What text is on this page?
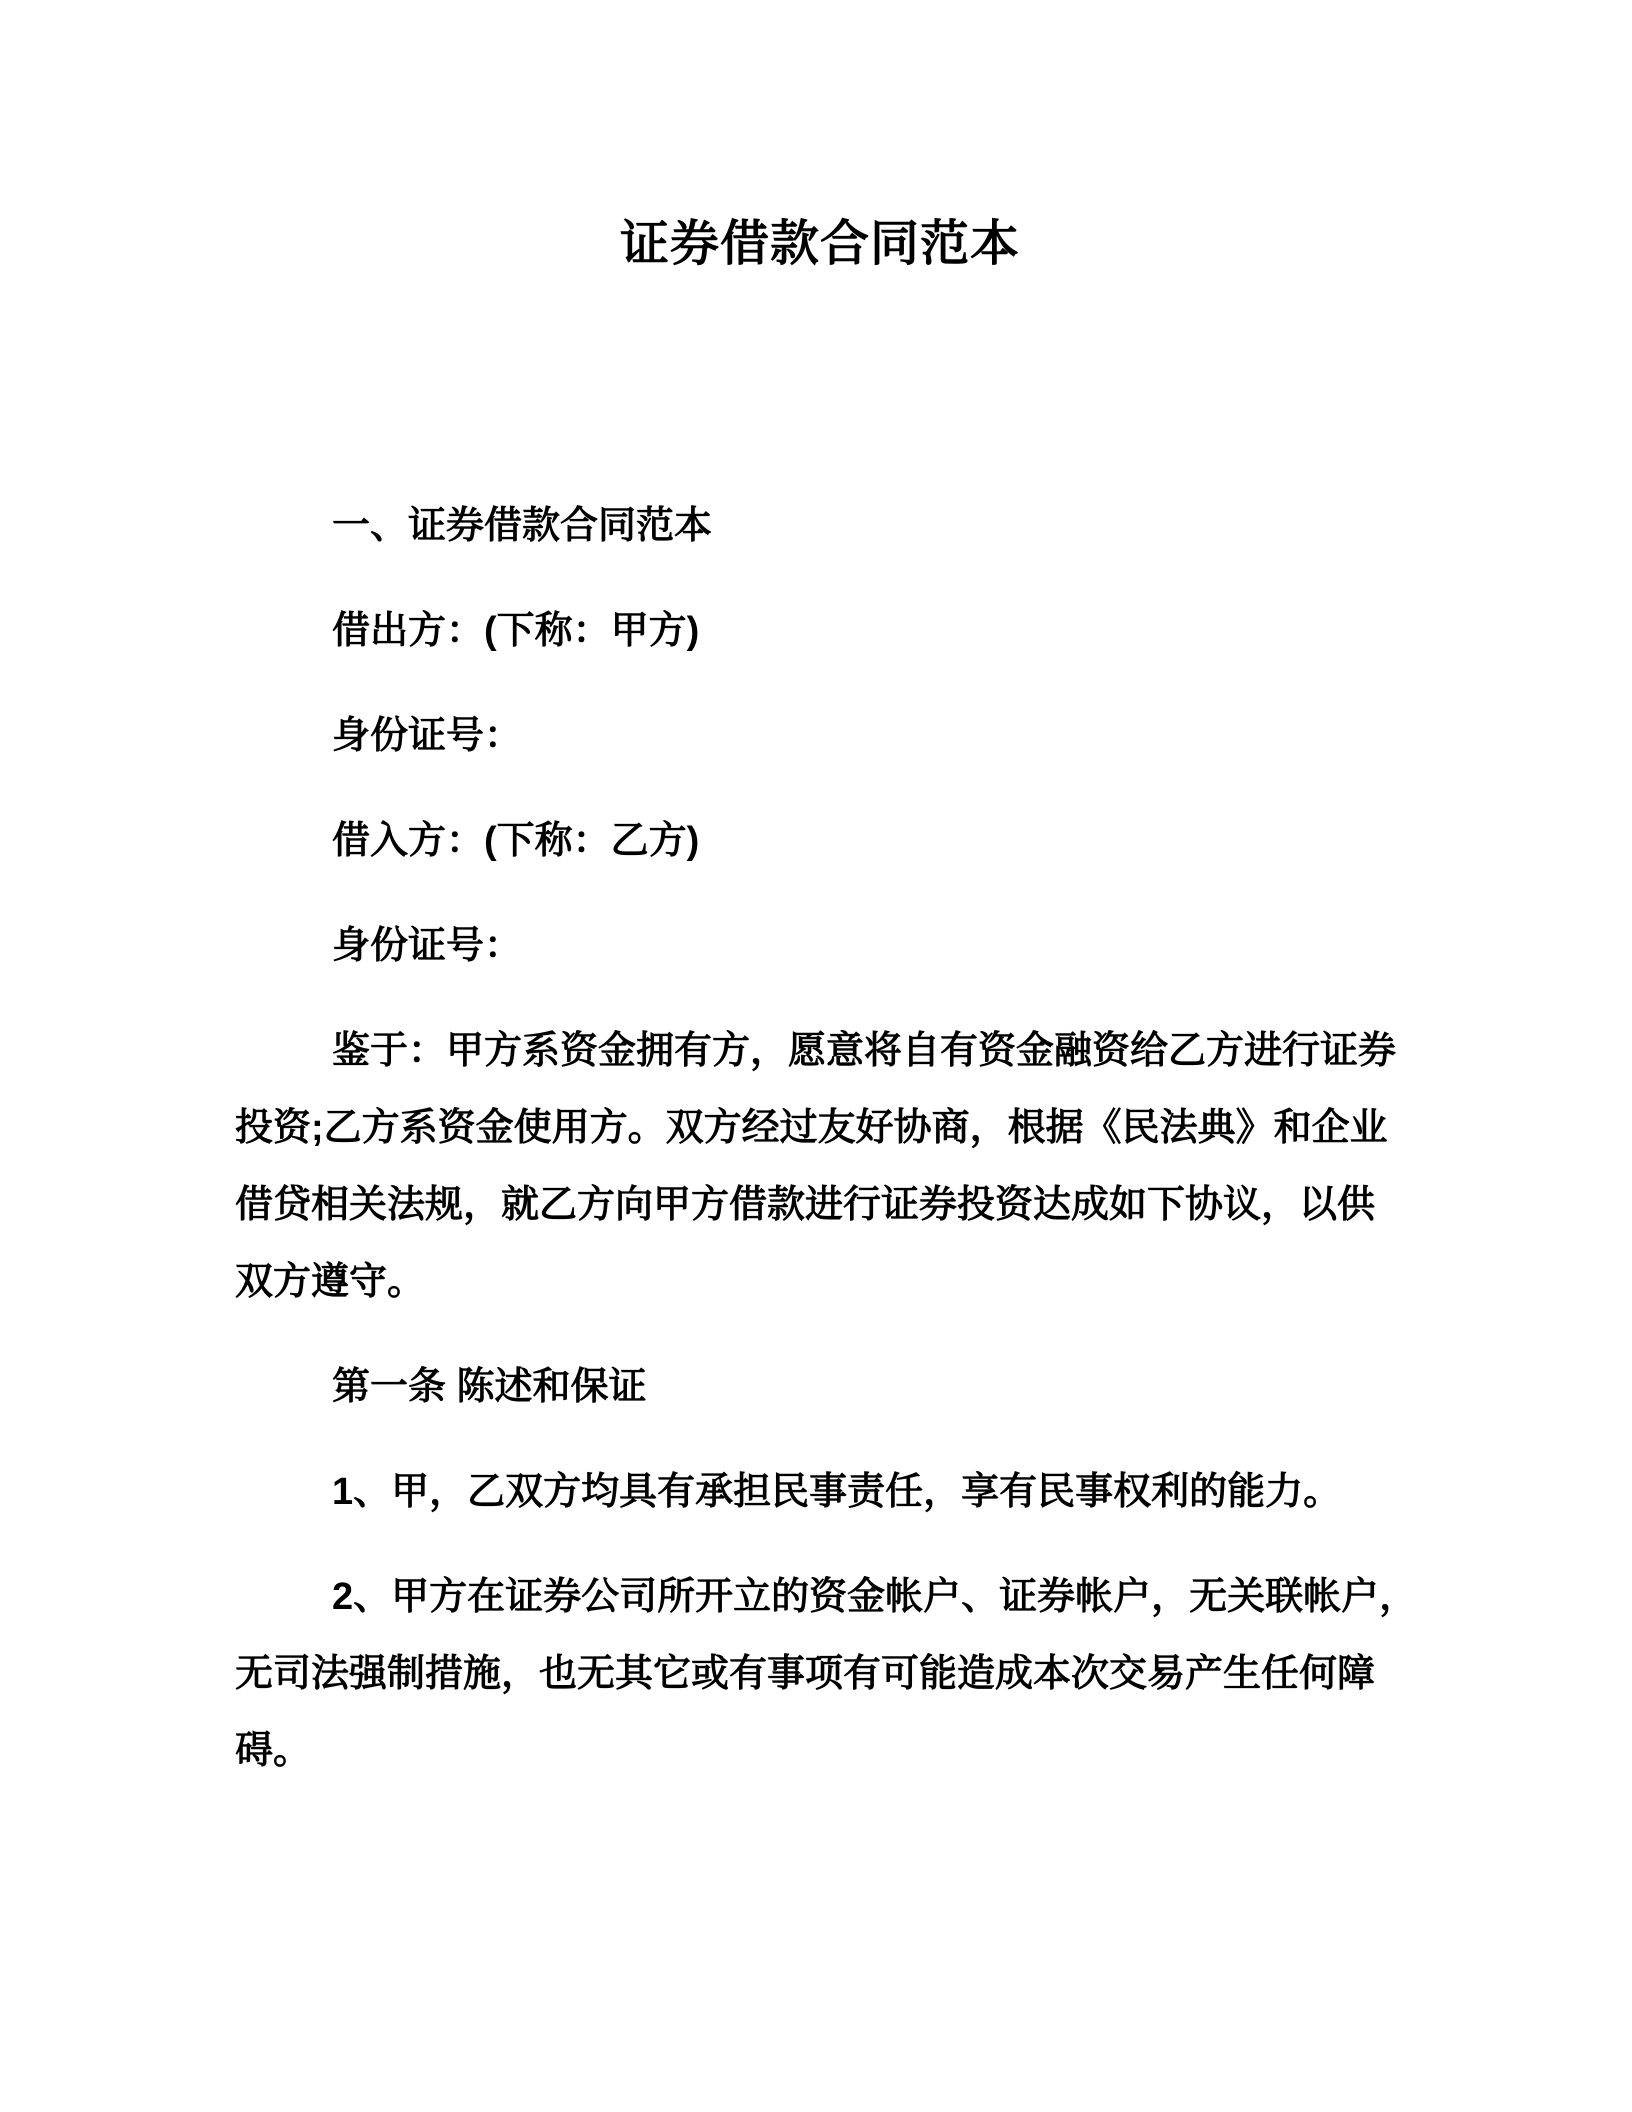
证券借款合同范本

一、证券借款合同范本

借出方：(下称：甲方)

身份证号：

借入方：(下称：乙方)

身份证号：

鉴于：甲方系资金拥有方，愿意将自有资金融资给乙方进行证券
投资;乙方系资金使用方。双方经过友好协商，根据《民法典》和企业
借贷相关法规，就乙方向甲方借款进行证券投资达成如下协议，以供
双方遵守。

第一条 陈述和保证

1、甲，乙双方均具有承担民事责任，享有民事权利的能力。

2、甲方在证券公司所开立的资金帐户、证券帐户，无关联帐户，
无司法强制措施，也无其它或有事项有可能造成本次交易产生任何障
碍。
